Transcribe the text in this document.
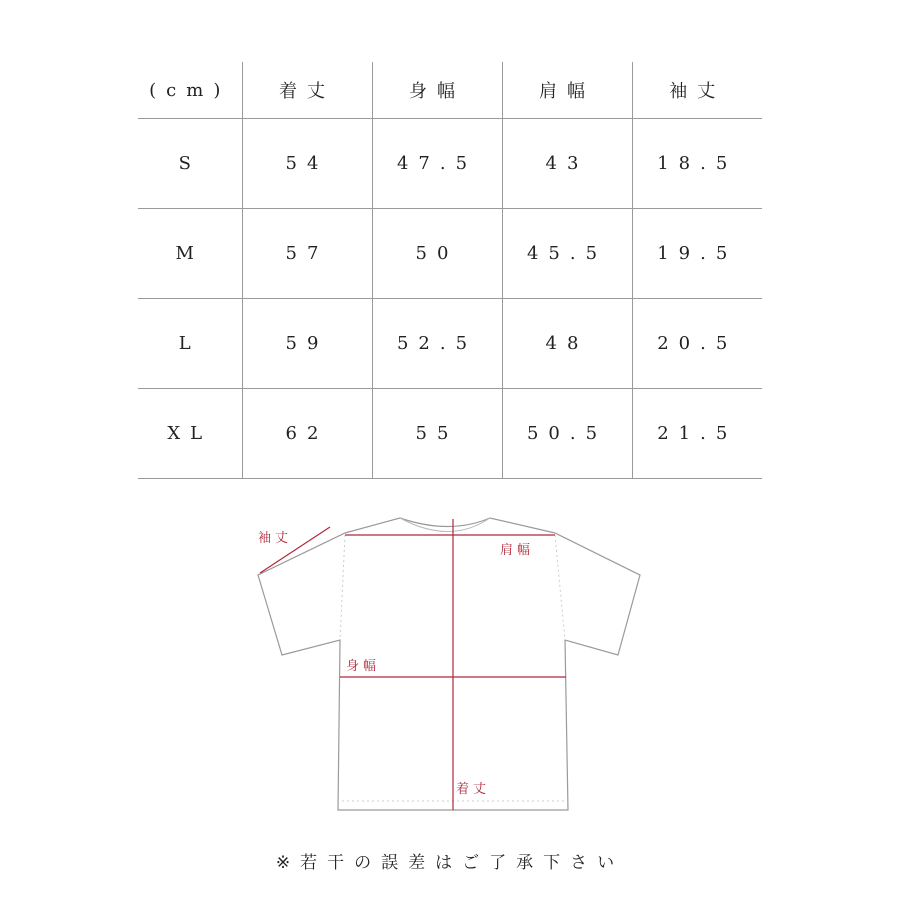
(cm)	着丈	身幅	肩幅	袖丈
S	54	47.5	43	18.5
M	57	50	45.5	19.5
L	59	52.5	48	20.5
XL	62	55	50.5	21.5
袖丈
肩幅
身幅
着丈
※若干の誤差はご了承下さい
